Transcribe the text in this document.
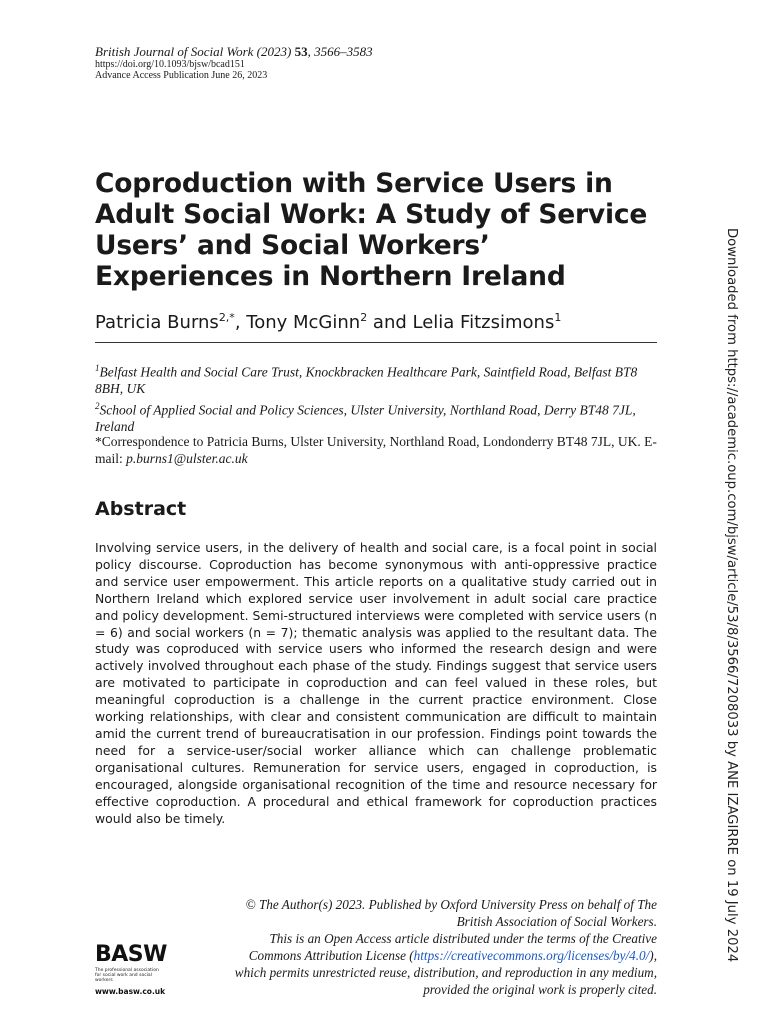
British Journal of Social Work (2023) 53, 3566–3583
https://doi.org/10.1093/bjsw/bcad151
Advance Access Publication June 26, 2023
Coproduction with Service Users in Adult Social Work: A Study of Service Users’ and Social Workers’ Experiences in Northern Ireland
Patricia Burns$^{2,*}$, Tony McGinn$^2$ and Lelia Fitzsimons$^1$
$^1$Belfast Health and Social Care Trust, Knockbracken Healthcare Park, Saintfield Road, Belfast BT8 8BH, UK
$^2$School of Applied Social and Policy Sciences, Ulster University, Northland Road, Derry BT48 7JL, Ireland
*Correspondence to Patricia Burns, Ulster University, Northland Road, Londonderry BT48 7JL, UK. E-mail: p.burns1@ulster.ac.uk
Abstract

Involving service users, in the delivery of health and social care, is a focal point in social policy discourse. Coproduction has become synonymous with anti-oppressive practice and service user empowerment. This article reports on a qualitative study carried out in Northern Ireland which explored service user involvement in adult social care practice and policy development. Semi-structured interviews were completed with service users (n = 6) and social workers (n = 7); thematic analysis was applied to the resultant data. The study was coproduced with service users who informed the research design and were actively involved throughout each phase of the study. Findings suggest that service users are motivated to participate in coproduction and can feel valued in these roles, but meaningful coproduction is a challenge in the current practice environment. Close working relationships, with clear and consistent communication are difficult to maintain amid the current trend of bureaucratisation in our profession. Findings point towards the need for a service-user/social worker alliance which can challenge problematic organisational cultures. Remuneration for service users, engaged in coproduction, is encouraged, alongside organisational recognition of the time and resource necessary for effective coproduction. A procedural and ethical framework for coproduction practices would also be timely.

BASW
The professional association for social work and social workers
www.basw.co.uk
© The Author(s) 2023. Published by Oxford University Press on behalf of The British Association of Social Workers.
This is an Open Access article distributed under the terms of the Creative Commons Attribution License (https://creativecommons.org/licenses/by/4.0/), which permits unrestricted reuse, distribution, and reproduction in any medium, provided the original work is properly cited.
Downloaded from https://academic.oup.com/bjsw/article/53/8/3566/7208033 by ANE IZAGIRRE on 19 July 2024
